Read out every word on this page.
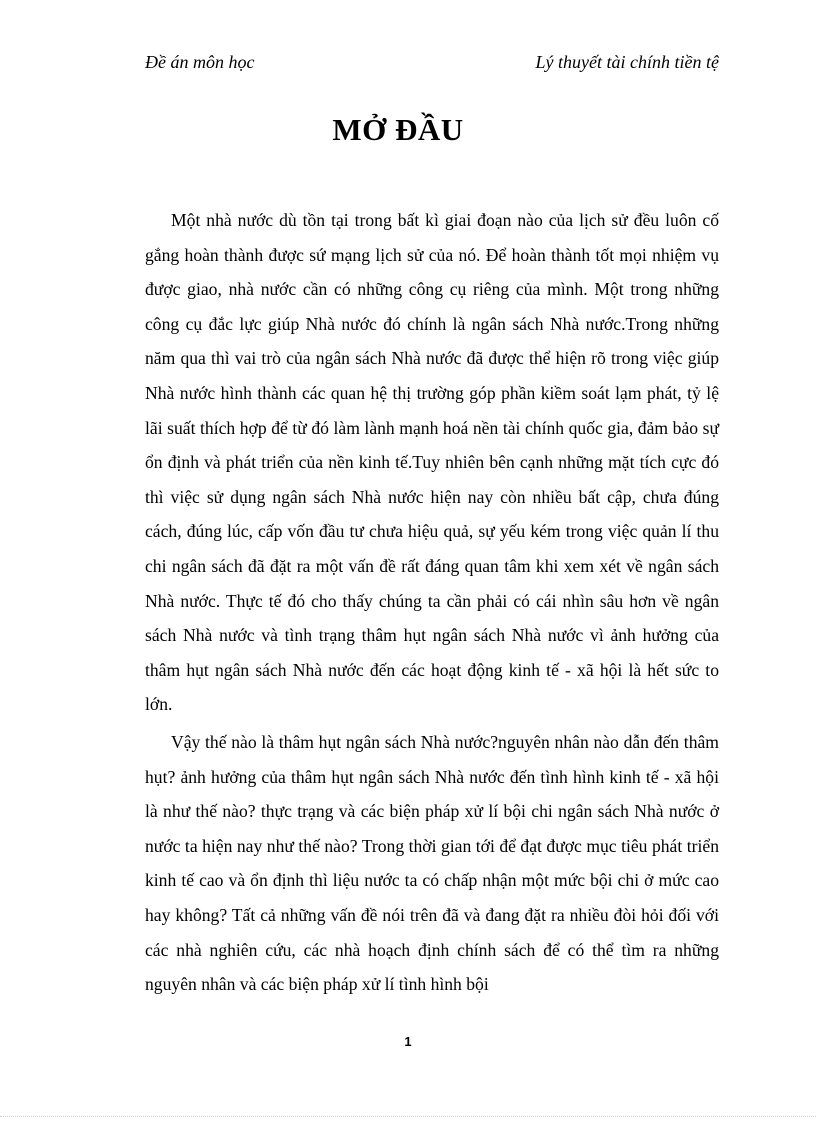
Đề án môn học	Lý thuyết tài chính tiền tệ
MỞ ĐẦU

Một nhà nước dù tồn tại trong bất kì giai đoạn nào của lịch sử đều luôn cố gắng hoàn thành được sứ mạng lịch sử của nó. Để hoàn thành tốt mọi nhiệm vụ được giao, nhà nước cần có những công cụ riêng của mình. Một trong những công cụ đắc lực giúp Nhà nước đó chính là ngân sách Nhà nước.Trong những năm qua thì vai trò của ngân sách Nhà nước đã được thể hiện rõ trong việc giúp Nhà nước hình thành các quan hệ thị trường góp phần kiềm soát lạm phát, tỷ lệ lãi suất thích hợp để từ đó làm lành mạnh hoá nền tài chính quốc gia, đảm bảo sự ổn định và phát triển của nền kinh tế.Tuy nhiên bên cạnh những mặt tích cực đó thì việc sử dụng ngân sách Nhà nước hiện nay còn nhiều bất cập, chưa đúng cách, đúng lúc, cấp vốn đầu tư chưa hiệu quả, sự yếu kém trong việc quản lí thu chi ngân sách đã đặt ra một vấn đề rất đáng quan tâm khi xem xét về ngân sách Nhà nước. Thực tế đó cho thấy chúng ta cần phải có cái nhìn sâu hơn về ngân sách Nhà nước và tình trạng thâm hụt ngân sách Nhà nước vì ảnh hưởng của thâm hụt ngân sách Nhà nước đến các hoạt động kinh tế - xã hội là hết sức to lớn.

Vậy thế nào là thâm hụt ngân sách Nhà nước?nguyên nhân nào dẫn đến thâm hụt? ảnh hưởng của thâm hụt ngân sách Nhà nước đến tình hình kinh tế - xã hội là như thế nào? thực trạng và các biện pháp xử lí bội chi ngân sách Nhà nước ở nước ta hiện nay như thế nào? Trong thời gian tới để đạt được mục tiêu phát triển kinh tế cao và ổn định thì liệu nước ta có chấp nhận một mức bội chi ở mức cao hay không? Tất cả những vấn đề nói trên đã và đang đặt ra nhiều đòi hỏi đối với các nhà nghiên cứu, các nhà hoạch định chính sách để có thể tìm ra những nguyên nhân và các biện pháp xử lí tình hình bội

1
